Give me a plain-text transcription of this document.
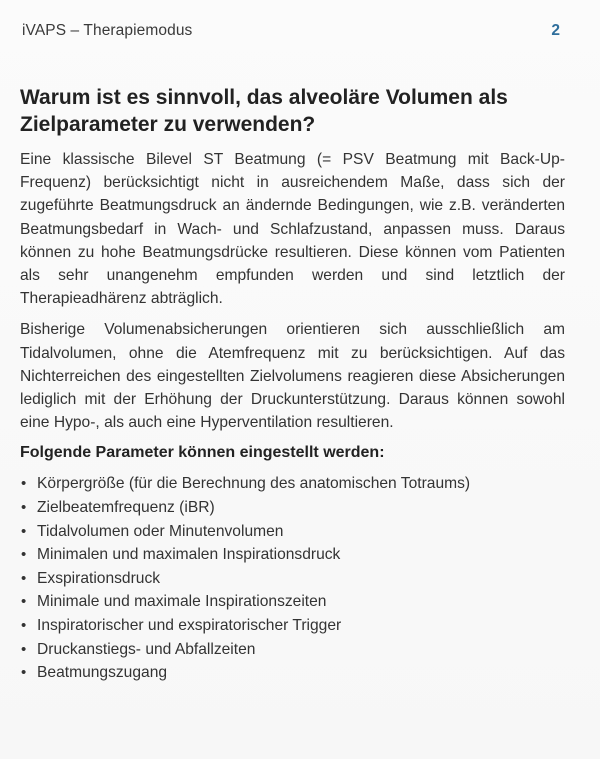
iVAPS – Therapiemodus	2
Warum ist es sinnvoll, das alveoläre Volumen als Zielparameter zu verwenden?

Eine klassische Bilevel ST Beatmung (= PSV Beatmung mit Back-Up-Frequenz) berücksichtigt nicht in ausreichendem Maße, dass sich der zugeführte Beatmungsdruck an ändernde Bedingungen, wie z.B. veränderten Beatmungsbedarf in Wach- und Schlafzustand, anpassen muss. Daraus können zu hohe Beatmungsdrücke resultieren. Diese können vom Patienten als sehr unangenehm empfunden werden und sind letztlich der Therapieadhärenz abträglich.

Bisherige Volumenabsicherungen orientieren sich ausschließlich am Tidalvolumen, ohne die Atemfrequenz mit zu berücksichtigen. Auf das Nichterreichen des eingestellten Zielvolumens reagieren diese Absicherungen lediglich mit der Erhöhung der Druckunterstützung. Daraus können sowohl eine Hypo-, als auch eine Hyperventilation resultieren.

Folgende Parameter können eingestellt werden:
• Körpergröße (für die Berechnung des anatomischen Totraums)
• Zielbeatemfrequenz (iBR)
• Tidalvolumen oder Minutenvolumen
• Minimalen und maximalen Inspirationsdruck
• Exspirationsdruck
• Minimale und maximale Inspirationszeiten
• Inspiratorischer und exspiratorischer Trigger
• Druckanstiegs- und Abfallzeiten
• Beatmungszugang
